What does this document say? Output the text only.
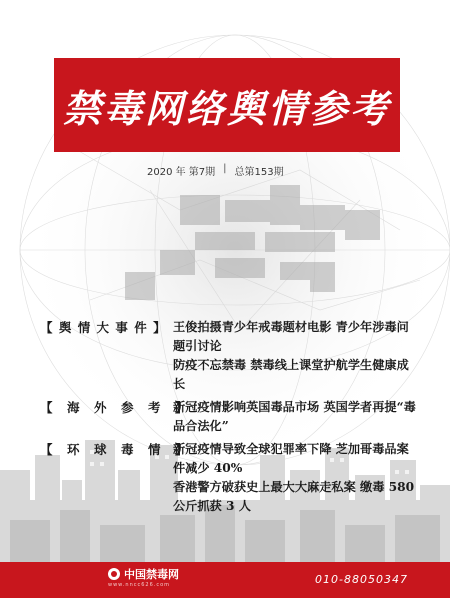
禁毒网络舆情参考
2020 年 第7期 | 总第153期
【 舆 情 大 事 件 】 王俊拍摄青少年戒毒题材电影 青少年涉毒问题引讨论
防疫不忘禁毒 禁毒线上课堂护航学生健康成长
【　海　外　参　考　】
新冠疫情影响英国毒品市场 英国学者再提“毒品合法化”
【　环　球　毒　情　】
新冠疫情导致全球犯罪率下降 芝加哥毒品案件减少 40%
香港警方破获史上最大大麻走私案 缴毒 580 公斤抓获 3 人
中国禁毒网
www.nncc626.com	010-88050347
